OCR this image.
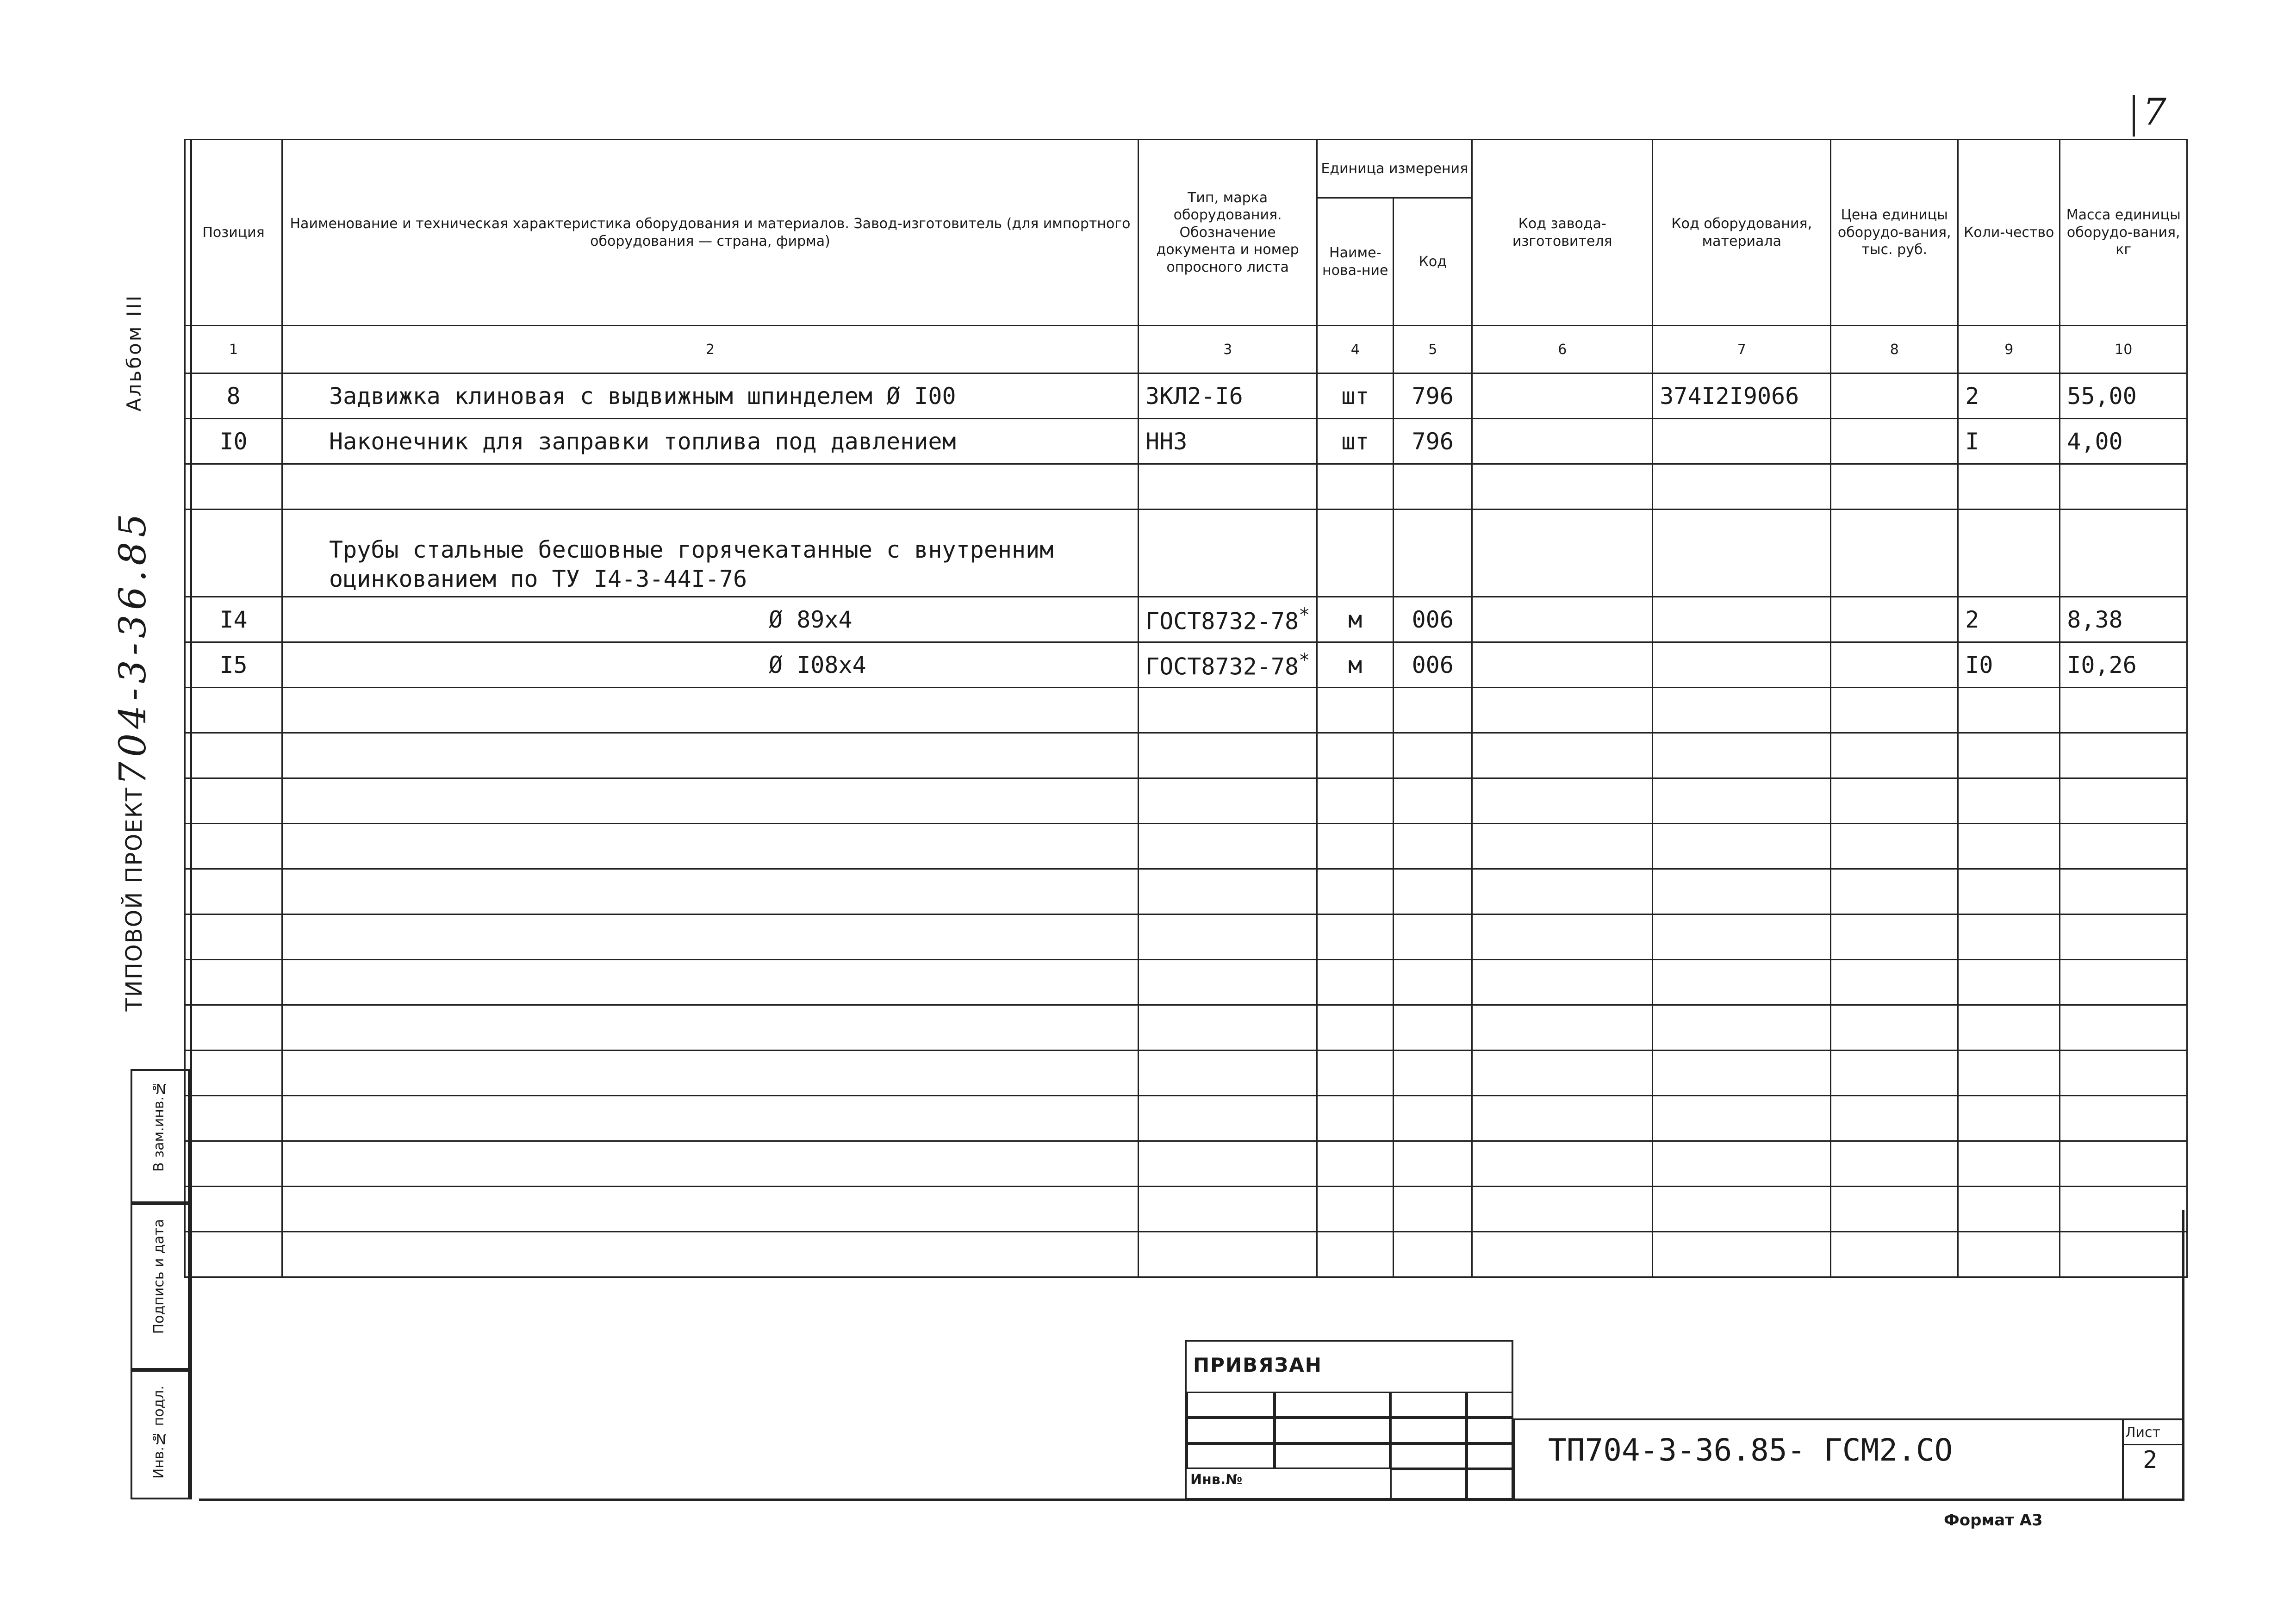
7
Альбом III
704-3-36.85
ТИПОВОЙ ПРОЕКТ
В зам.инв.№
Подпись и дата
Инв.№ подл.
Позиция	Наименование и техническая характеристика оборудования и материалов. Завод-изготовитель (для импортного оборудования — страна, фирма)	Тип, марка оборудования. Обозначение документа и номер опросного листа	Единица измерения		Код завода-изготовителя	Код оборудования, материала	Цена единицы оборудо-вания, тыс. руб.	Коли-чество	Масса единицы оборудо-вания, кг
			Наиме-нова-ние	Код					
1	2	3	4	5	6	7	8	9	10
8	Задвижка клиновая с выдвижным шпинделем Ø I00	3КЛ2-I6	шт	796		374I2I9066		2	55,00
I0	Наконечник для заправки топлива под давлением	ННЗ	шт	796				I	4,00

	Трубы стальные бесшовные горячекатанные с внутренним оцинкованием по ТУ I4-3-44I-76								
I4	Ø 89x4	ГОСТ8732-78*	м	006				2	8,38
I5	Ø I08x4	ГОСТ8732-78*	м	006				I0	I0,26

ПРИВЯЗАН
Инв.№
ТП704-3-36.85- ГСМ2.СО	Лист
2
Формат А3
